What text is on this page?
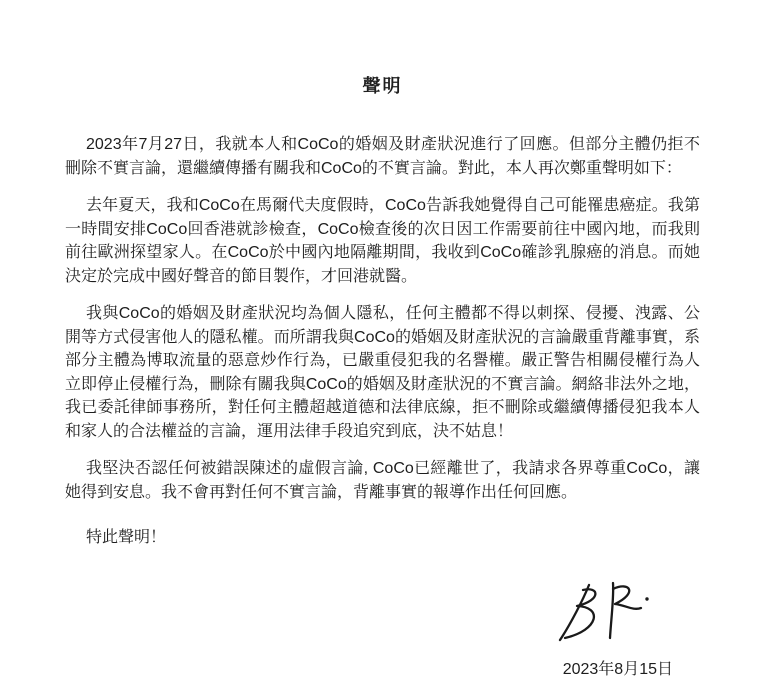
聲明

2023年7月27日，我就本人和CoCo的婚姻及財產狀況進行了回應。但部分主體仍拒不刪除不實言論，還繼續傳播有關我和CoCo的不實言論。對此，本人再次鄭重聲明如下：

去年夏天，我和CoCo在馬爾代夫度假時，CoCo告訴我她覺得自己可能罹患癌症。我第一時間安排CoCo回香港就診檢查，CoCo檢查後的次日因工作需要前往中國內地，而我則前往歐洲探望家人。在CoCo於中國內地隔離期間，我收到CoCo確診乳腺癌的消息。而她決定於完成中國好聲音的節目製作，才回港就醫。

我與CoCo的婚姻及財產狀況均為個人隱私，任何主體都不得以刺探、侵擾、洩露、公開等方式侵害他人的隱私權。而所謂我與CoCo的婚姻及財產狀況的言論嚴重背離事實，系部分主體為博取流量的惡意炒作行為，已嚴重侵犯我的名譽權。嚴正警告相關侵權行為人立即停止侵權行為，刪除有關我與CoCo的婚姻及財產狀況的不實言論。網絡非法外之地，我已委託律師事務所，對任何主體超越道德和法律底線，拒不刪除或繼續傳播侵犯我本人和家人的合法權益的言論，運用法律手段追究到底，決不姑息！

我堅決否認任何被錯誤陳述的虛假言論, CoCo已經離世了，我請求各界尊重CoCo，讓她得到安息。我不會再對任何不實言論，背離事實的報導作出任何回應。

特此聲明！

2023年8月15日
